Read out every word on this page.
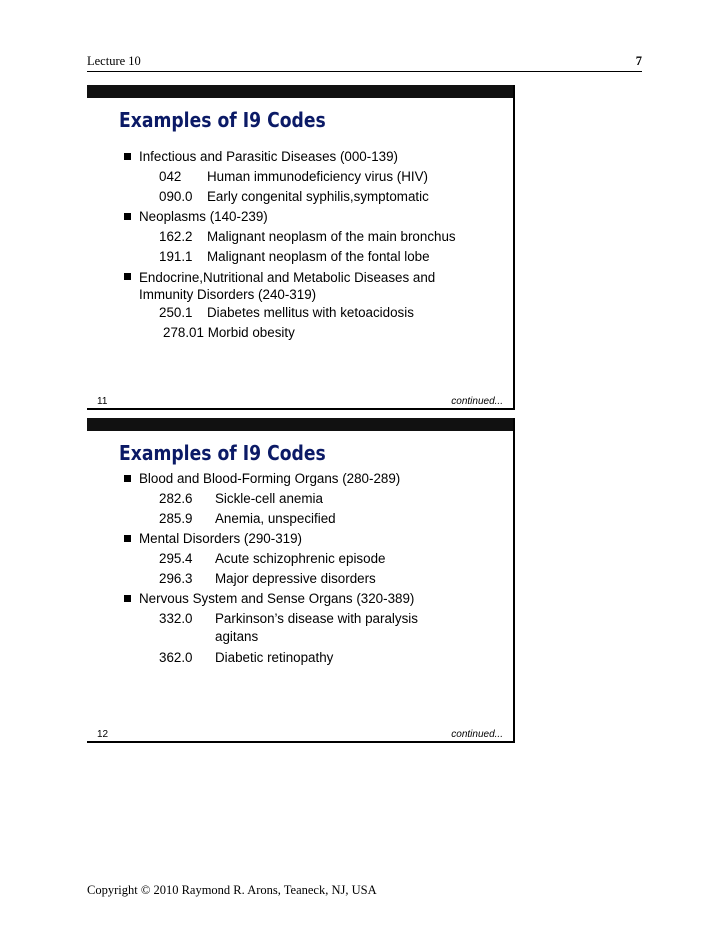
Lecture 10	7
Examples of I9 Codes
Infectious and Parasitic Diseases (000-139)
042 Human immunodeficiency virus (HIV)
090.0 Early congenital syphilis,symptomatic
Neoplasms (140-239)
162.2 Malignant neoplasm of the main bronchus
191.1 Malignant neoplasm of the fontal lobe
Endocrine,Nutritional and Metabolic Diseases and Immunity Disorders (240-319)
250.1 Diabetes mellitus with ketoacidosis
278.01 Morbid obesity
11	continued...
Examples of I9 Codes
Blood and Blood-Forming Organs (280-289)
282.6 Sickle-cell anemia
285.9 Anemia, unspecified
Mental Disorders (290-319)
295.4 Acute schizophrenic episode
296.3 Major depressive disorders
Nervous System and Sense Organs (320-389)
332.0	Parkinson’s disease with paralysis agitans
362.0 Diabetic retinopathy
12	continued...
Copyright © 2010 Raymond R. Arons, Teaneck, NJ, USA
